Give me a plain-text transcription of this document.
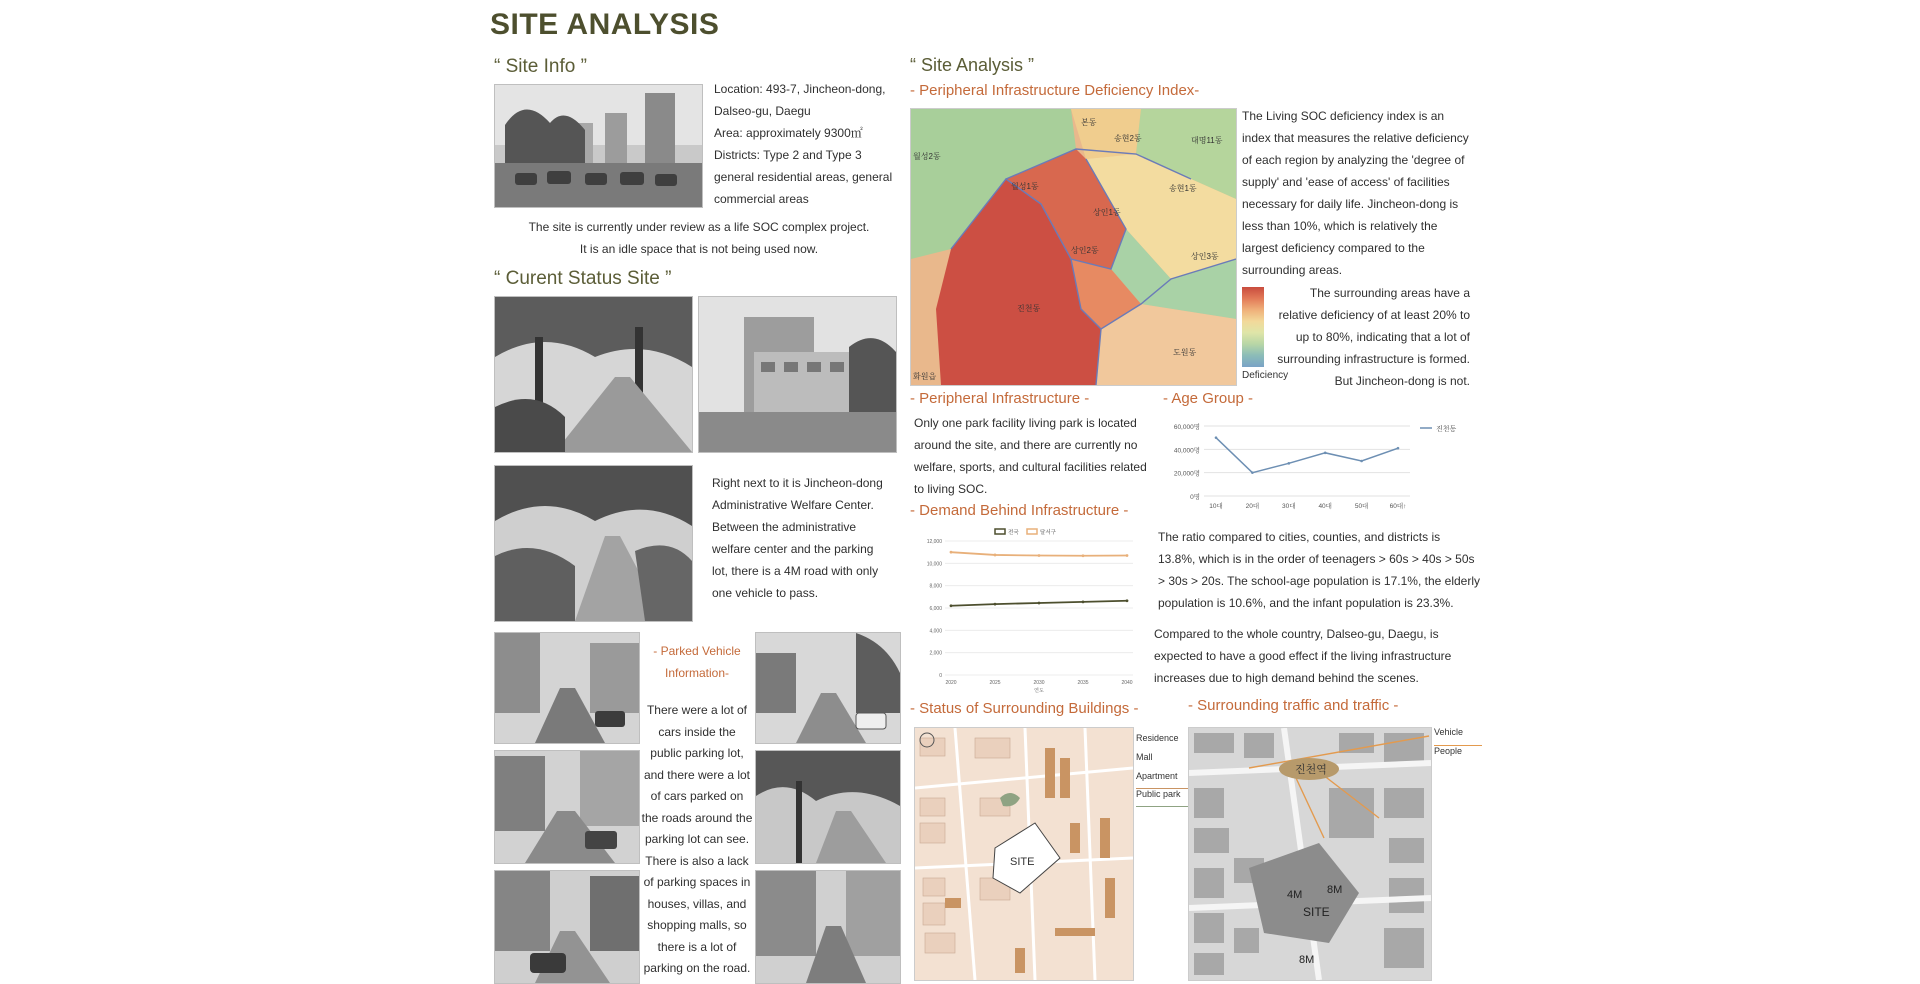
SITE ANALYSIS
“ Site Info ”
Location: 493-7, Jincheon-dong,
Dalseo-gu, Daegu
Area: approximately 9300㎡
Districts: Type 2 and Type 3
general residential areas, general
commercial areas
The site is currently under review as a life SOC complex project.
It is an idle space that is not being used now.
“ Curent Status Site ”
Right next to it is Jincheon-dong
Administrative Welfare Center.
Between the administrative
welfare center and the parking
lot, there is a 4M road with only
one vehicle to pass.
- Parked Vehicle
Information-
There were a lot of
cars inside the
public parking lot,
and there were a lot
of cars parked on
the roads around the
parking lot can see.
There is also a lack
of parking spaces in
houses, villas, and
shopping malls, so
there is a lot of
parking on the road.
“ Site Analysis ”
- Peripheral Infrastructure Deficiency Index-
월성2동
월성1동
본동
송현2동	대명11동
송현1동
상인1동
상인2동
상인3동
진천동
도원동
화원읍
The Living SOC deficiency index is an
index that measures the relative deficiency
of each region by analyzing the 'degree of
supply' and 'ease of access' of facilities
necessary for daily life. Jincheon-dong is
less than 10%, which is relatively the
largest deficiency compared to the
surrounding areas.
Deficiency
The surrounding areas have a
relative deficiency of at least 20% to
up to 80%, indicating that a lot of
surrounding infrastructure is formed.
But Jincheon-dong is not.
- Peripheral Infrastructure -
Only one park facility living park is located
around the site, and there are currently no
welfare, sports, and cultural facilities related
to living SOC.
- Demand Behind Infrastructure -
0
2,000
4,000
6,000
8,000
10,000
12,000
2020	2025	2030	2035	2040
연도
전국	달서구
- Age Group -
0명
20,000명
40,000명
60,000명
10대	20대	30대	40대	50대	60대↑
진천동
The ratio compared to cities, counties, and districts is
13.8%, which is in the order of teenagers > 60s > 40s > 50s
> 30s > 20s. The school-age population is 17.1%, the elderly
population is 10.6%, and the infant population is 23.3%.
Compared to the whole country, Dalseo-gu, Daegu, is
expected to have a good effect if the living infrastructure
increases due to high demand behind the scenes.
- Status of Surrounding Buildings -
SITE
Residence
Mall
Apartment
Public park
- Surrounding traffic and traffic -
진천역
4M 8M
8M
SITE
Vehicle
People
